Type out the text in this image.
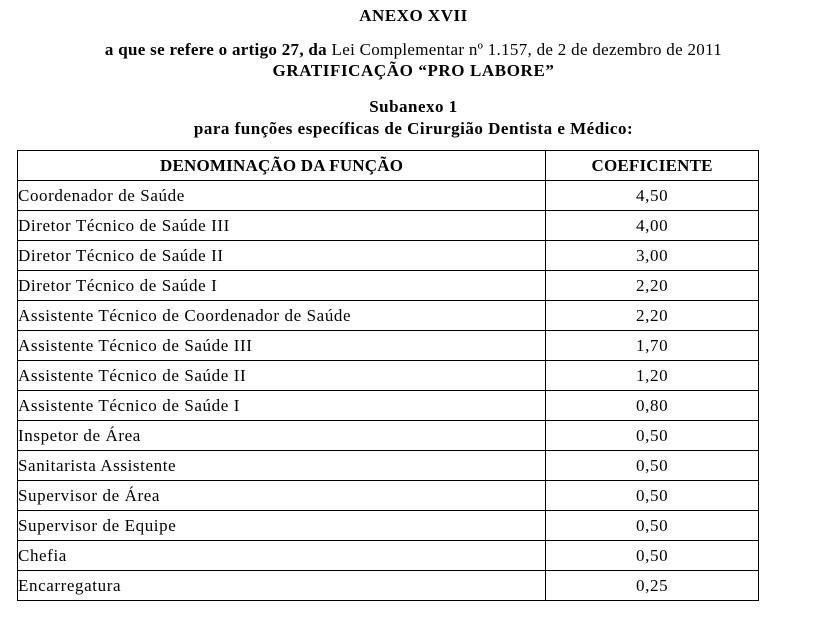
ANEXO XVII
a que se refere o artigo 27, da Lei Complementar nº 1.157, de 2 de dezembro de 2011
GRATIFICAÇÃO “PRO LABORE”
Subanexo 1
para funções específicas de Cirurgião Dentista e Médico:
DENOMINAÇÃO DA FUNÇÃO	COEFICIENTE
Coordenador de Saúde	4,50
Diretor Técnico de Saúde III	4,00
Diretor Técnico de Saúde II	3,00
Diretor Técnico de Saúde I	2,20
Assistente Técnico de Coordenador de Saúde	2,20
Assistente Técnico de Saúde III	1,70
Assistente Técnico de Saúde II	1,20
Assistente Técnico de Saúde I	0,80
Inspetor de Área	0,50
Sanitarista Assistente	0,50
Supervisor de Área	0,50
Supervisor de Equipe	0,50
Chefia	0,50
Encarregatura	0,25
